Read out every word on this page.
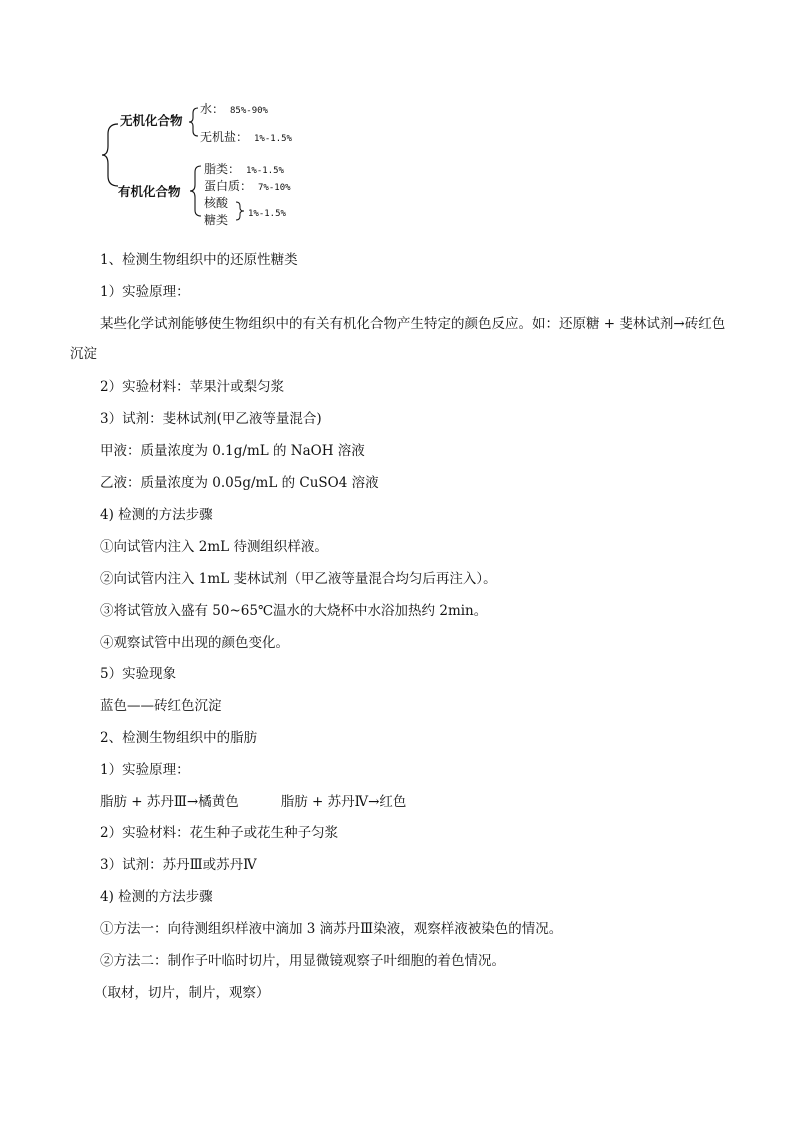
无机化合物
水： 85%-90%
无机盐： 1%-1.5%
有机化合物
脂类： 1%-1.5%
蛋白质： 7%-10%
核酸
糖类 1%-1.5%
1、检测生物组织中的还原性糖类
1）实验原理：
某些化学试剂能够使生物组织中的有关有机化合物产生特定的颜色反应。如：还原糖 + 斐林试剂→砖红色沉淀
2）实验材料：苹果汁或梨匀浆
3）试剂：斐林试剂(甲乙液等量混合)
甲液：质量浓度为 0.1g/mL 的 NaOH 溶液
乙液：质量浓度为 0.05g/mL 的 CuSO4 溶液
4) 检测的方法步骤
①向试管内注入 2mL 待测组织样液。
②向试管内注入 1mL 斐林试剂（甲乙液等量混合均匀后再注入）。
③将试管放入盛有 50~65℃温水的大烧杯中水浴加热约 2min。
④观察试管中出现的颜色变化。
5）实验现象
蓝色——砖红色沉淀
2、检测生物组织中的脂肪
1）实验原理：
脂肪 + 苏丹Ⅲ→橘黄色	脂肪 + 苏丹Ⅳ→红色
2）实验材料：花生种子或花生种子匀浆
3）试剂：苏丹Ⅲ或苏丹Ⅳ
4) 检测的方法步骤
①方法一：向待测组织样液中滴加 3 滴苏丹Ⅲ染液，观察样液被染色的情况。
②方法二：制作子叶临时切片，用显微镜观察子叶细胞的着色情况。
（取材，切片，制片，观察）
